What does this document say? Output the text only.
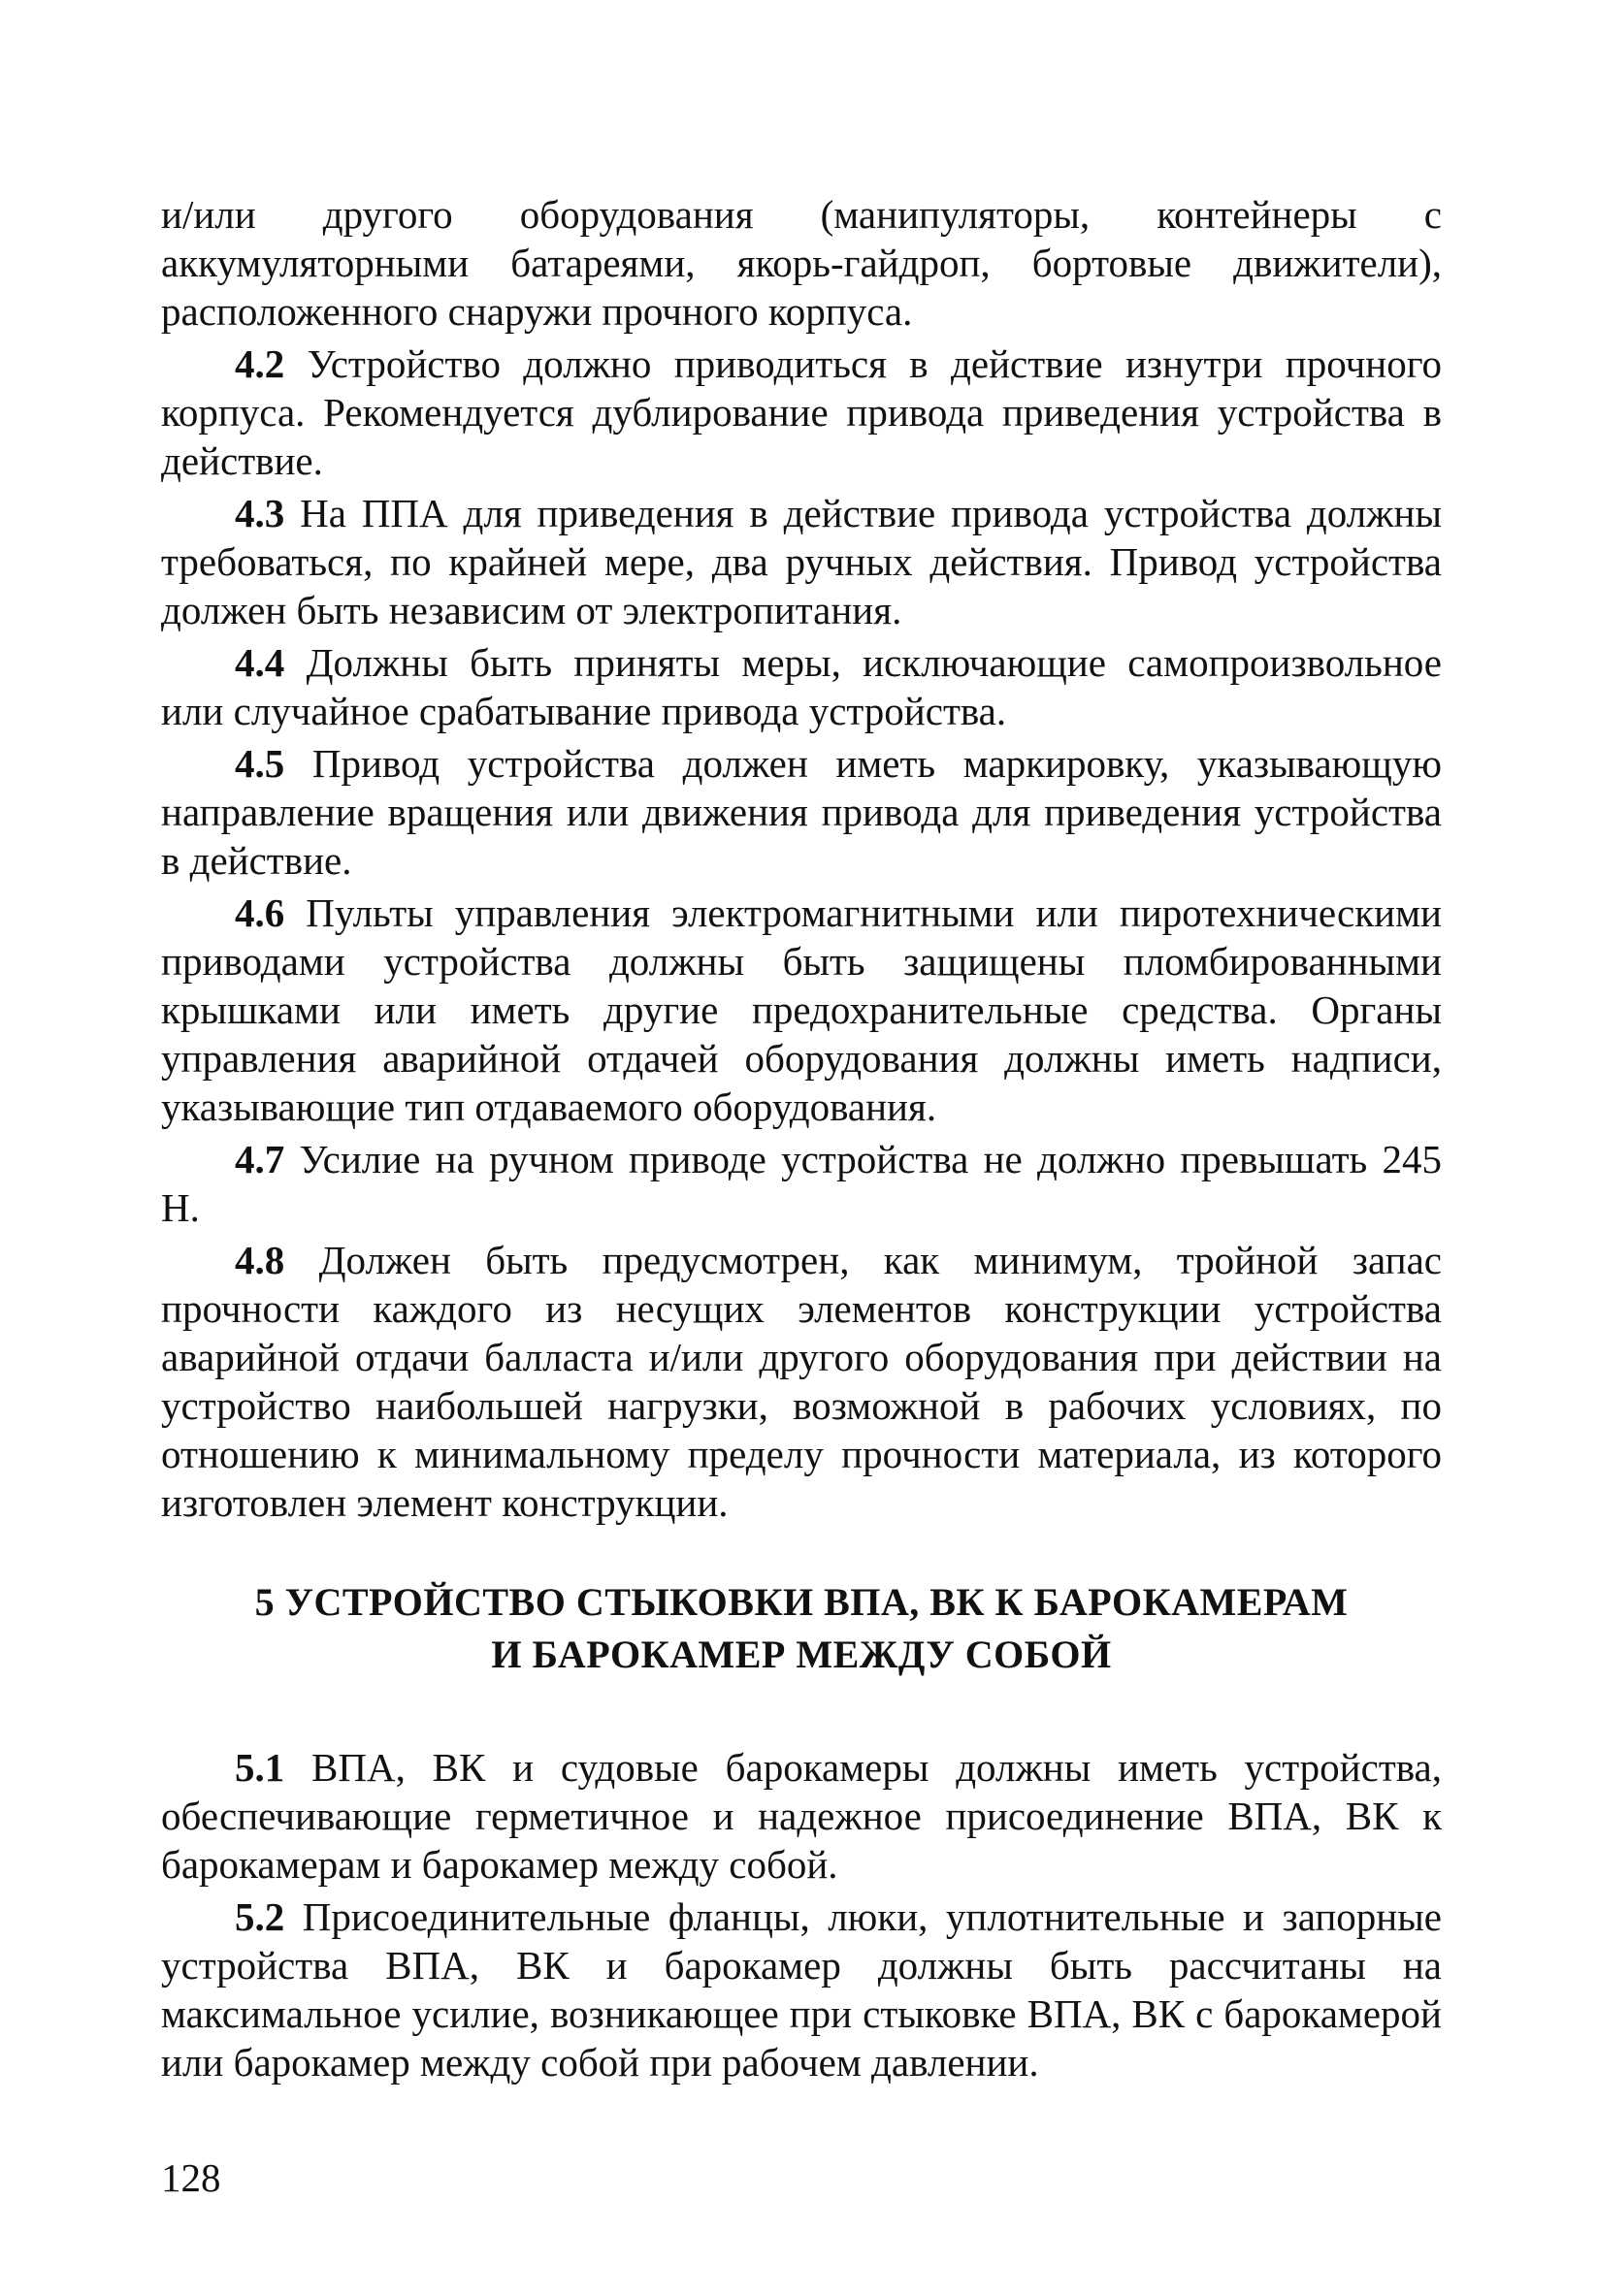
и/или другого оборудования (манипуляторы, контейнеры с аккумуляторными батареями, якорь-гайдроп, бортовые движители), расположенного снаружи прочного корпуса.

4.2 Устройство должно приводиться в действие изнутри прочного корпуса. Рекомендуется дублирование привода приведения устройства в действие.

4.3 На ППА для приведения в действие привода устройства должны требоваться, по крайней мере, два ручных действия. Привод устройства должен быть независим от электропитания.

4.4 Должны быть приняты меры, исключающие самопроизвольное или случайное срабатывание привода устройства.

4.5 Привод устройства должен иметь маркировку, указывающую направление вращения или движения привода для приведения устройства в действие.

4.6 Пульты управления электромагнитными или пиротехническими приводами устройства должны быть защищены пломбированными крышками или иметь другие предохранительные средства. Органы управления аварийной отдачей оборудования должны иметь надписи, указывающие тип отдаваемого оборудования.

4.7 Усилие на ручном приводе устройства не должно превышать 245 Н.

4.8 Должен быть предусмотрен, как минимум, тройной запас прочности каждого из несущих элементов конструкции устройства аварийной отдачи балласта и/или другого оборудования при действии на устройство наибольшей нагрузки, возможной в рабочих условиях, по отношению к минимальному пределу прочности материала, из которого изготовлен элемент конструкции.

5 УСТРОЙСТВО СТЫКОВКИ ВПА, ВК К БАРОКАМЕРАМ
И БАРОКАМЕР МЕЖДУ СОБОЙ

5.1 ВПА, ВК и судовые барокамеры должны иметь устройства, обеспечивающие герметичное и надежное присоединение ВПА, ВК к барокамерам и барокамер между собой.

5.2 Присоединительные фланцы, люки, уплотнительные и запорные устройства ВПА, ВК и барокамер должны быть рассчитаны на максимальное усилие, возникающее при стыковке ВПА, ВК с барокамерой или барокамер между собой при рабочем давлении.

128
